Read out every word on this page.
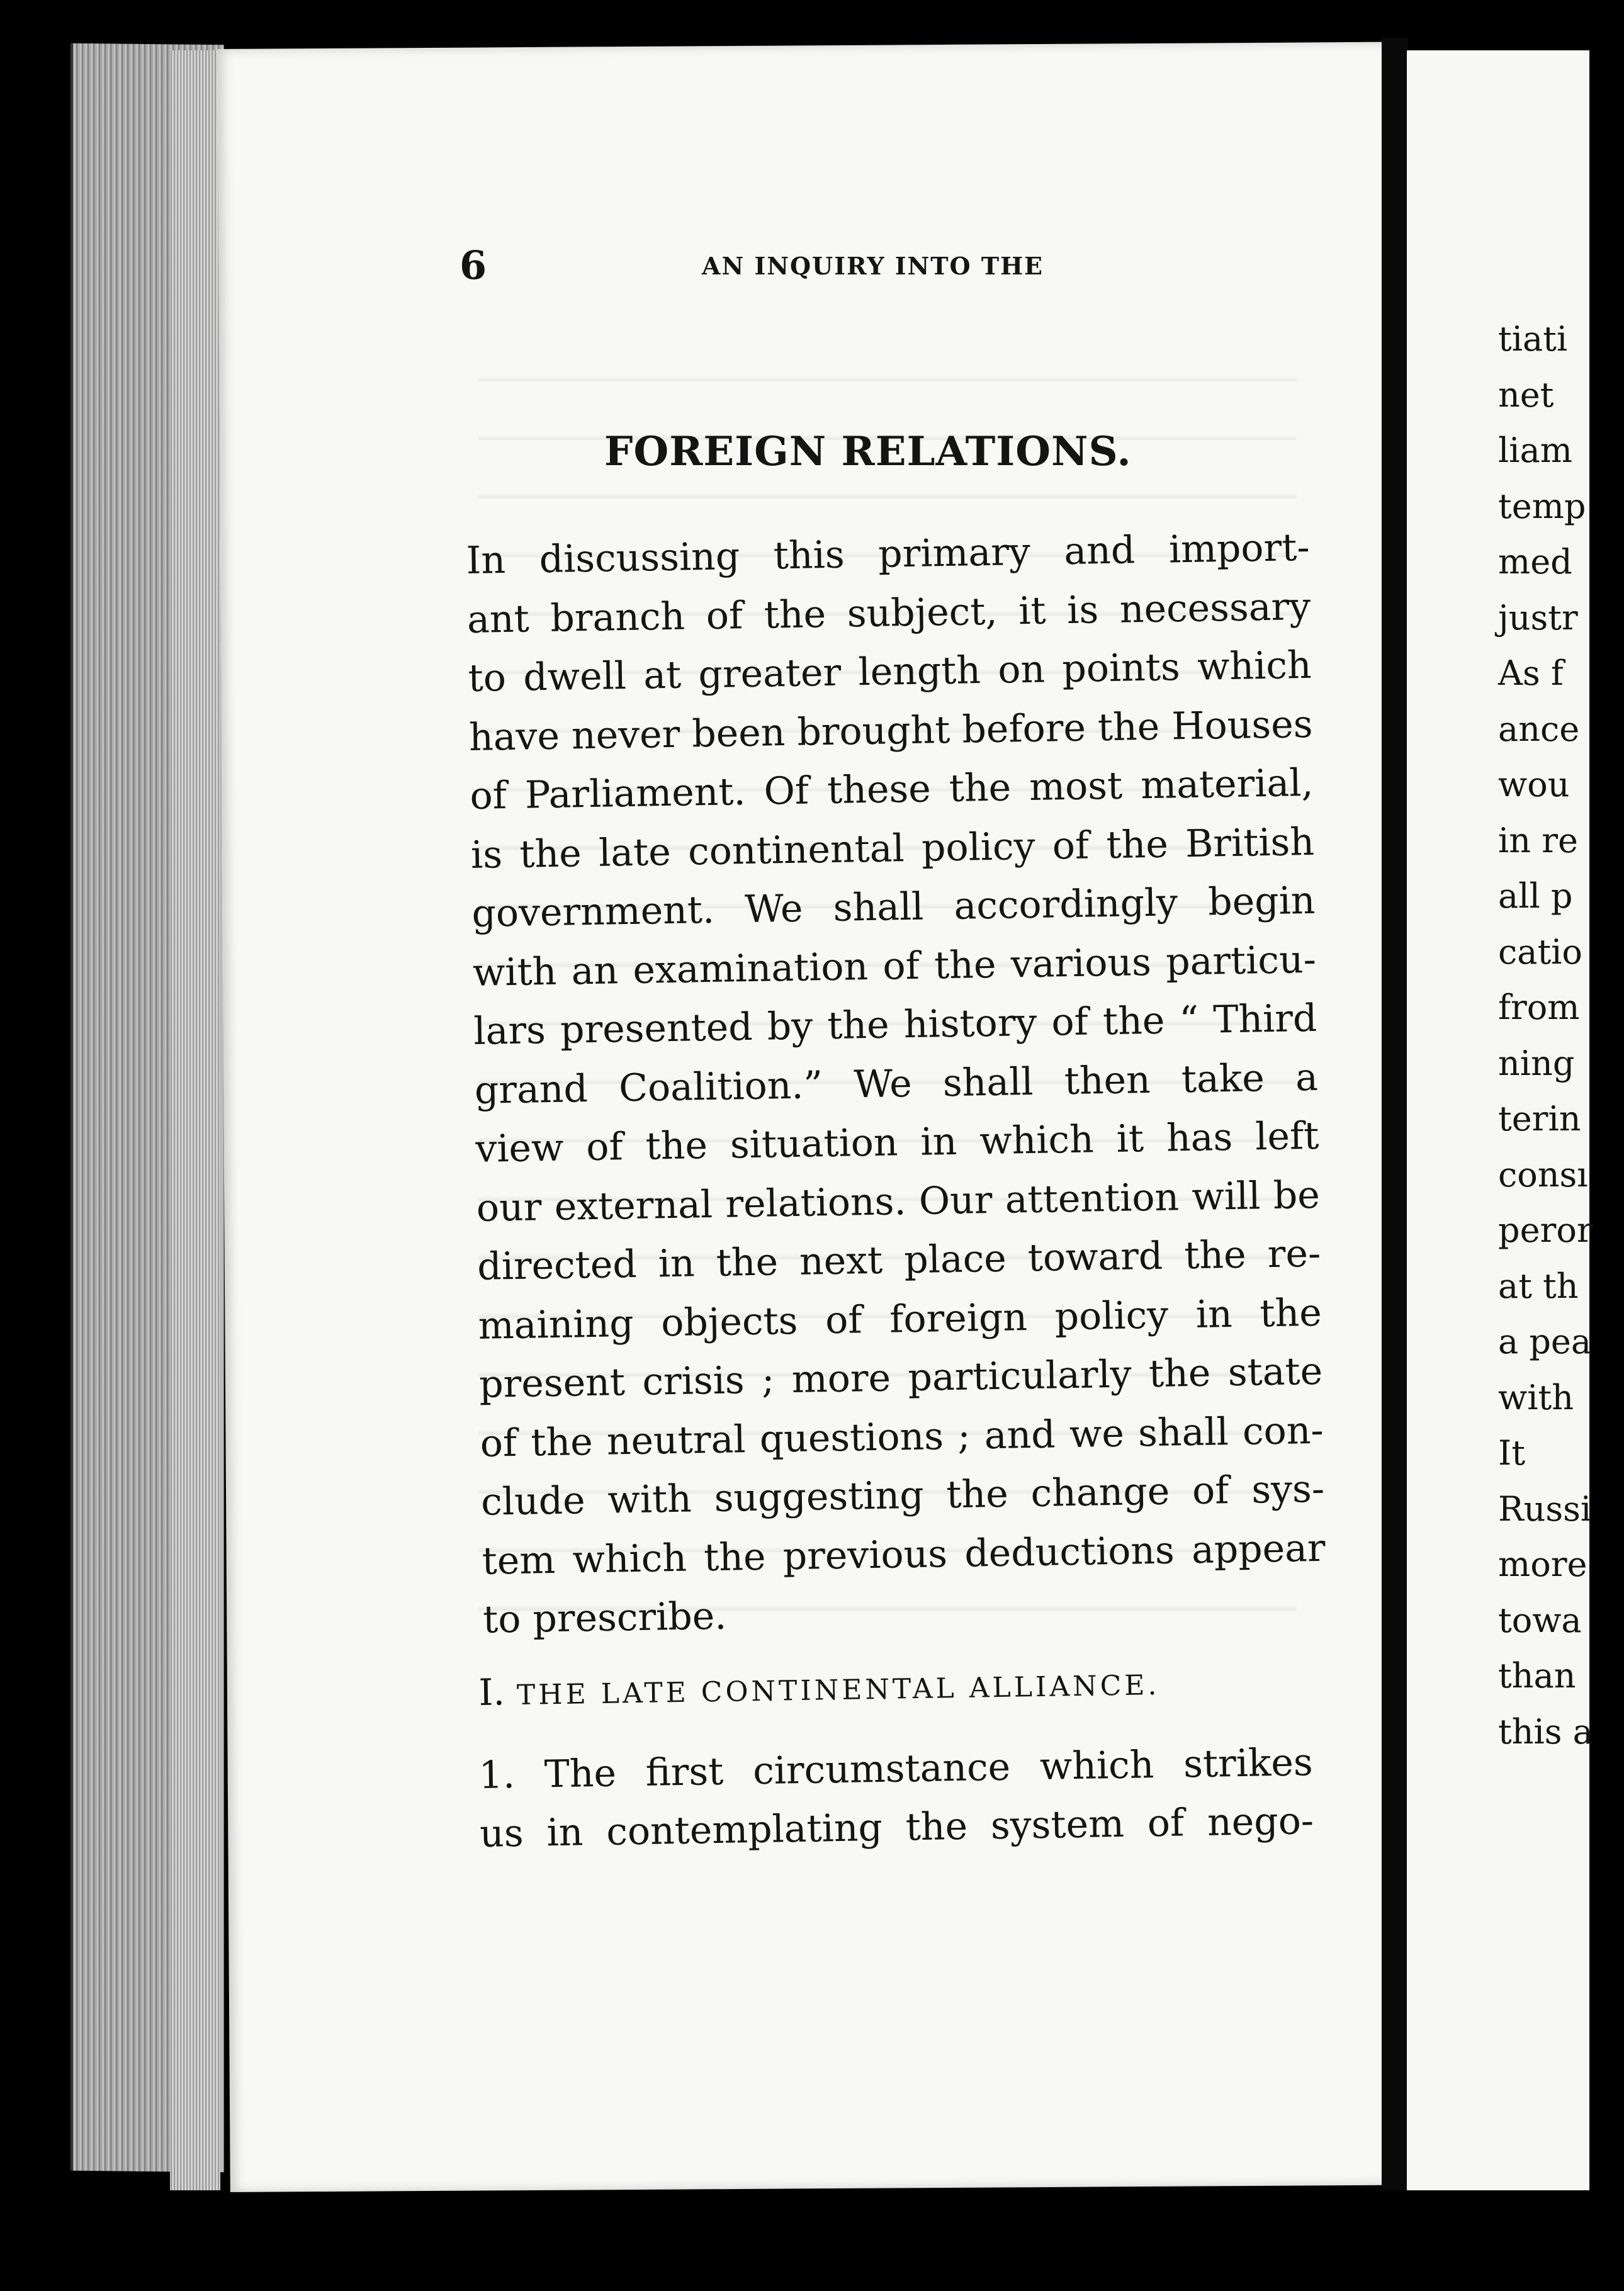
6	AN INQUIRY INTO THE
FOREIGN RELATIONS.
In discussing this primary and import-
ant branch of the subject, it is necessary
to dwell at greater length on points which
have never been brought before the Houses
of Parliament. Of these the most material,
is the late continental policy of the British
government. We shall accordingly begin
with an examination of the various particu-
lars presented by the history of the “ Third
grand Coalition.” We shall then take a
view of the situation in which it has left
our external relations. Our attention will be
directed in the next place toward the re-
maining objects of foreign policy in the
present crisis ; more particularly the state
of the neutral questions ; and we shall con-
clude with suggesting the change of sys-
tem which the previous deductions appear
to prescribe.
I. THE LATE CONTINENTAL ALLIANCE.
1. The first circumstance which strikes
us in contemplating the system of nego-
tiati
net
liam
temp
med
justr
As f
ance
wou
in re
all p
catio
from
ning
terin
consı
peror
at th
a pea
with
It
Russi
more
towa
than
this a
